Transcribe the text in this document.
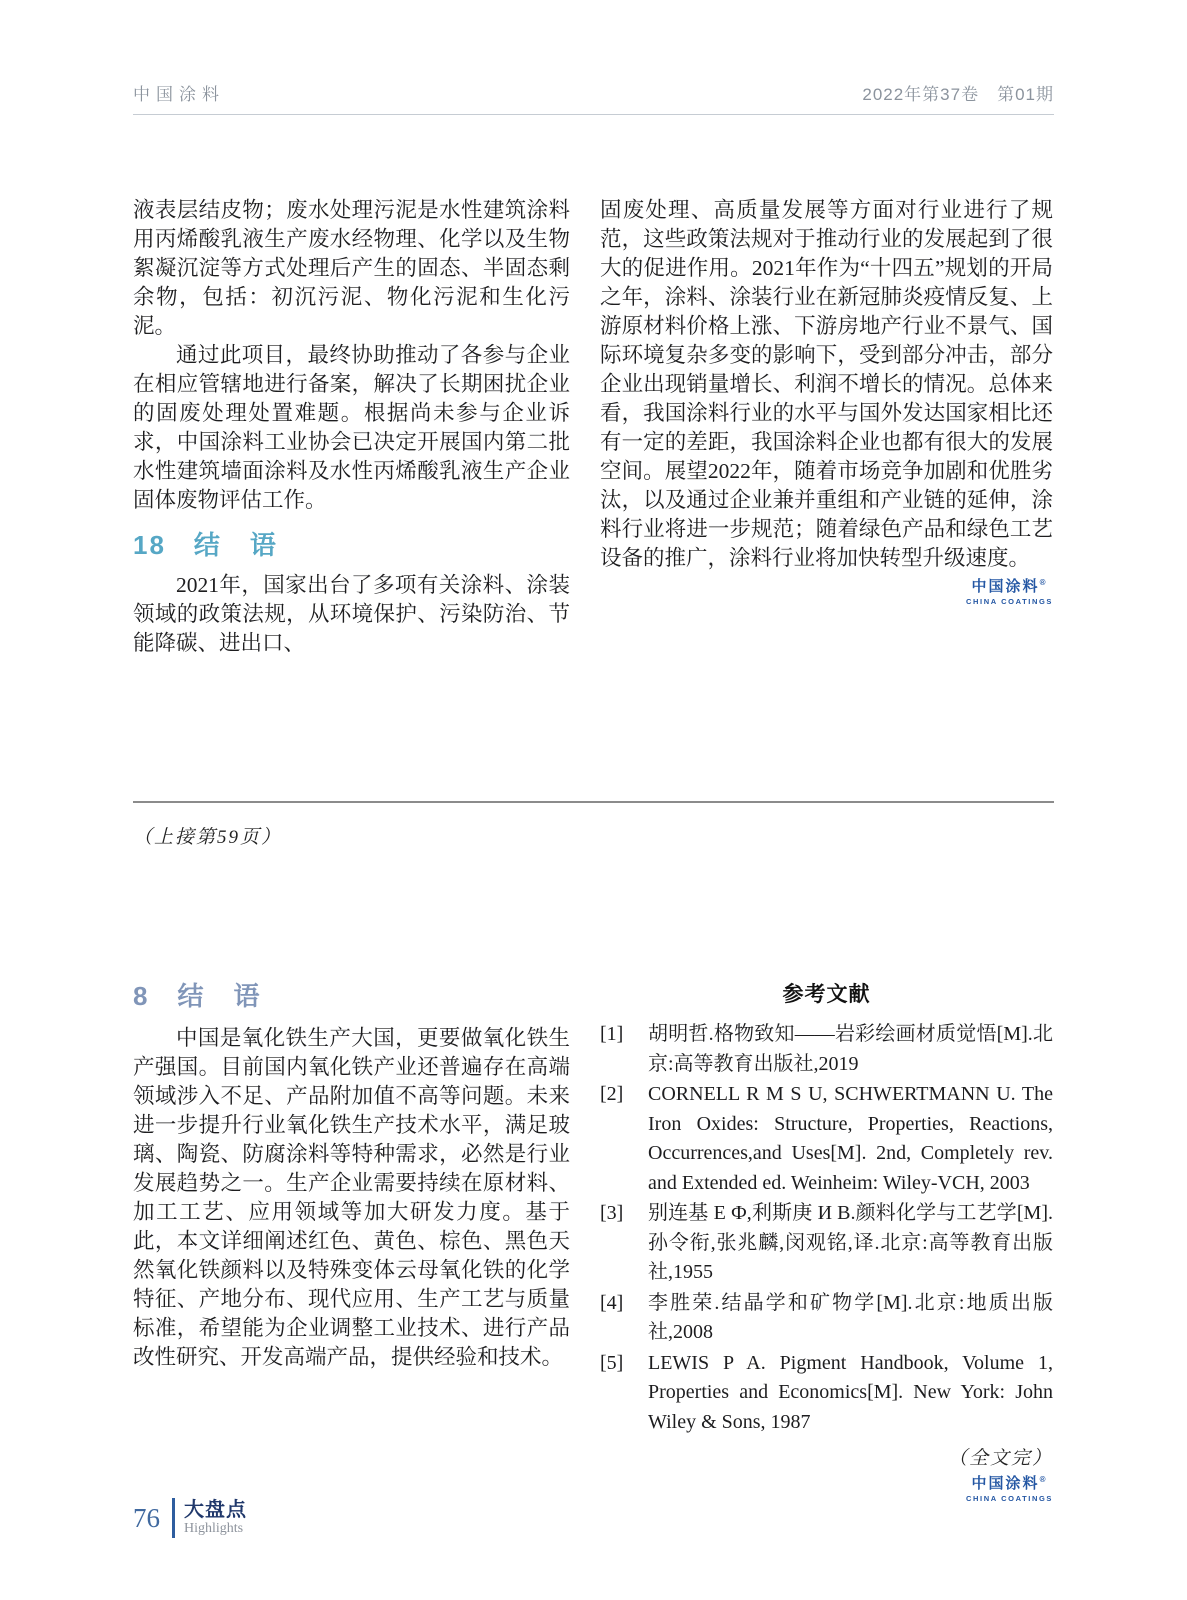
中国涂料	2022年第37卷　第01期

液表层结皮物；废水处理污泥是水性建筑涂料用丙烯酸乳液生产废水经物理、化学以及生物絮凝沉淀等方式处理后产生的固态、半固态剩余物，包括：初沉污泥、物化污泥和生化污泥。

通过此项目，最终协助推动了各参与企业在相应管辖地进行备案，解决了长期困扰企业的固废处理处置难题。根据尚未参与企业诉求，中国涂料工业协会已决定开展国内第二批水性建筑墙面涂料及水性丙烯酸乳液生产企业固体废物评估工作。

18　结　语

2021年，国家出台了多项有关涂料、涂装领域的政策法规，从环境保护、污染防治、节能降碳、进出口、

固废处理、高质量发展等方面对行业进行了规范，这些政策法规对于推动行业的发展起到了很大的促进作用。2021年作为“十四五”规划的开局之年，涂料、涂装行业在新冠肺炎疫情反复、上游原材料价格上涨、下游房地产行业不景气、国际环境复杂多变的影响下，受到部分冲击，部分企业出现销量增长、利润不增长的情况。总体来看，我国涂料行业的水平与国外发达国家相比还有一定的差距，我国涂料企业也都有很大的发展空间。展望2022年，随着市场竞争加剧和优胜劣汰，以及通过企业兼并重组和产业链的延伸，涂料行业将进一步规范；随着绿色产品和绿色工艺设备的推广，涂料行业将加快转型升级速度。

中国涂料®
CHINA COATINGS
（上接第59页）
8　结　语

中国是氧化铁生产大国，更要做氧化铁生产强国。目前国内氧化铁产业还普遍存在高端领域涉入不足、产品附加值不高等问题。未来进一步提升行业氧化铁生产技术水平，满足玻璃、陶瓷、防腐涂料等特种需求，必然是行业发展趋势之一。生产企业需要持续在原材料、加工工艺、应用领域等加大研发力度。基于此，本文详细阐述红色、黄色、棕色、黑色天然氧化铁颜料以及特殊变体云母氧化铁的化学特征、产地分布、现代应用、生产工艺与质量标准，希望能为企业调整工业技术、进行产品改性研究、开发高端产品，提供经验和技术。

参考文献
[1]	胡明哲.格物致知——岩彩绘画材质觉悟[M].北京:高等教育出版社,2019
[2]	CORNELL R M S U, SCHWERTMANN U. The Iron Oxides: Structure, Properties, Reactions, Occurrences,and Uses[M]. 2nd, Completely rev. and Extended ed. Weinheim: Wiley-VCH, 2003
[3]	别连基 Е Ф,利斯庚 И В.颜料化学与工艺学[M].孙令衔,张兆麟,闵观铭,译.北京:高等教育出版社,1955
[4]	李胜荣.结晶学和矿物学[M].北京:地质出版社,2008
[5]	LEWIS P A. Pigment Handbook, Volume 1, Properties and Economics[M]. New York: John Wiley & Sons, 1987
（全文完）
中国涂料®
CHINA COATINGS
76 大盘点
Highlights
